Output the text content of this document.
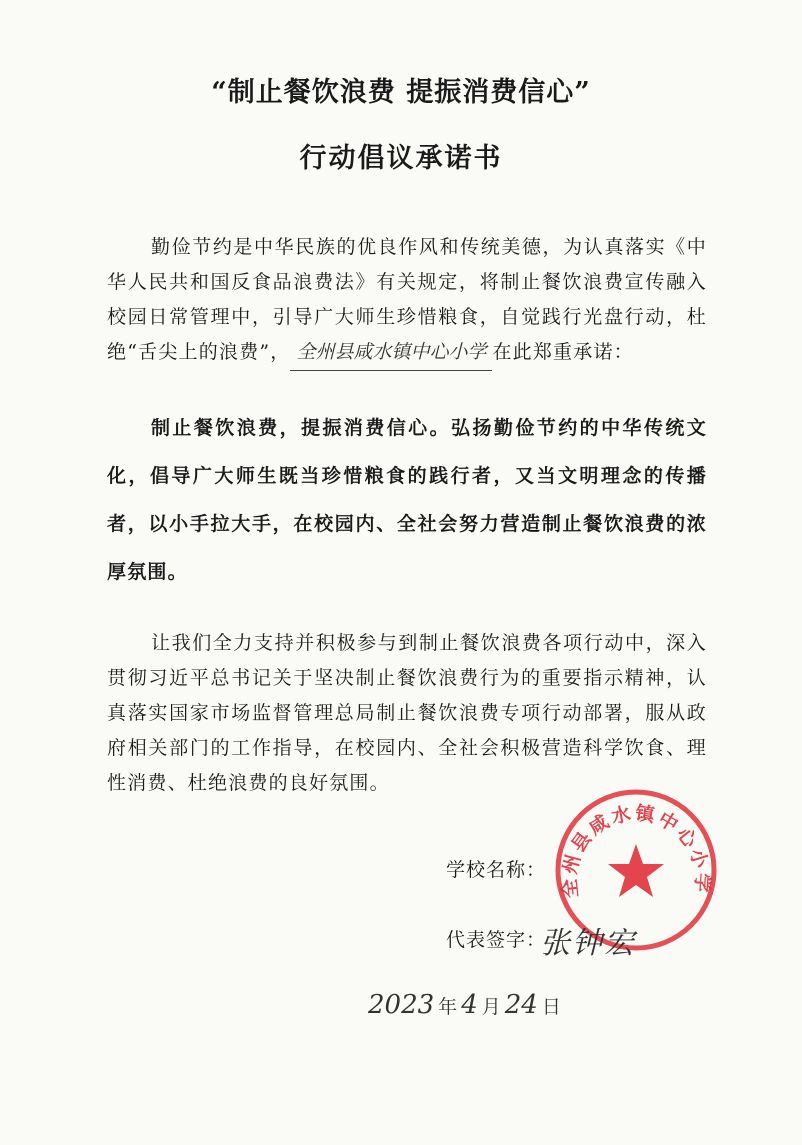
“制止餐饮浪费 提振消费信心”
行动倡议承诺书
勤俭节约是中华民族的优良作风和传统美德，为认真落实《中华人民共和国反食品浪费法》有关规定，将制止餐饮浪费宣传融入校园日常管理中，引导广大师生珍惜粮食，自觉践行光盘行动，杜绝“舌尖上的浪费”， 全州县咸水镇中心小学 在此郑重承诺：
制止餐饮浪费，提振消费信心。弘扬勤俭节约的中华传统文化，倡导广大师生既当珍惜粮食的践行者，又当文明理念的传播者，以小手拉大手，在校园内、全社会努力营造制止餐饮浪费的浓厚氛围。
让我们全力支持并积极参与到制止餐饮浪费各项行动中，深入贯彻习近平总书记关于坚决制止餐饮浪费行为的重要指示精神，认真落实国家市场监督管理总局制止餐饮浪费专项行动部署，服从政府相关部门的工作指导，在校园内、全社会积极营造科学饮食、理性消费、杜绝浪费的良好氛围。
全州县咸水镇中心小学
学校名称：
代表签字：
张钟宏
2023 年 4 月 24 日
